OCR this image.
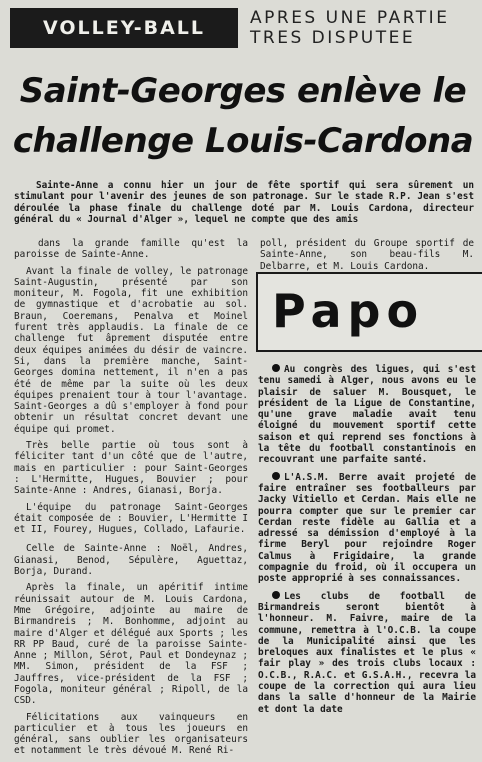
VOLLEY-BALL	APRES UNE PARTIE
TRES DISPUTEE
Saint-Georges enlève le
challenge Louis-Cardona

Sainte-Anne a connu hier un jour de fête sportif qui sera sûrement un stimulant pour l'avenir des jeunes de son patronage. Sur le stade R.P. Jean s'est déroulée la phase finale du challenge doté par M. Louis Cardona, directeur général du « Journal d'Alger », lequel ne compte que des amis

dans la grande famille qu'est la paroisse de Sainte-Anne.

Avant la finale de volley, le patronage Saint-Augustin, présenté par son moniteur, M. Fogola, fit une exhibition de gymnastique et d'acrobatie au sol. Braun, Coeremans, Penalva et Moinel furent très applaudis. La finale de ce challenge fut âprement disputée entre deux équipes animées du désir de vaincre. Si, dans la première manche, Saint-Georges domina nettement, il n'en a pas été de même par la suite où les deux équipes prenaient tour à tour l'avantage. Saint-Georges a dû s'employer à fond pour obtenir un résultat concret devant une équipe qui promet.

Très belle partie où tous sont à féliciter tant d'un côté que de l'autre, mais en particulier : pour Saint-Georges : L'Hermitte, Hugues, Bouvier ; pour Sainte-Anne : Andres, Gianasi, Borja.

L'équipe du patronage Saint-Georges était composée de : Bouvier, L'Hermitte I et II, Fourey, Hugues, Collado, Lafaurie.

Celle de Sainte-Anne : Noël, Andres, Gianasi, Benod, Sépulère, Aguettaz, Borja, Durand.

Après la finale, un apéritif intime réunissait autour de M. Louis Cardona, Mme Grégoire, adjointe au maire de Birmandreis ; M. Bonhomme, adjoint au maire d'Alger et délégué aux Sports ; les RR PP Baud, curé de la paroisse Sainte-Anne ; Millon, Sérot, Paul et Dondeynaz ; MM. Simon, président de la FSF ; Jauffres, vice-président de la FSF ; Fogola, moniteur général ; Ripoll, de la CSD.

Félicitations aux vainqueurs en particulier et à tous les joueurs en général, sans oublier les organisateurs et notamment le très dévoué M. René Ri-

poll, président du Groupe sportif de Sainte-Anne, son beau-fils M. Delbarre, et M. Louis Cardona.

Papo

Au congrès des ligues, qui s'est tenu samedi à Alger, nous avons eu le plaisir de saluer M. Bousquet, le président de la Ligue de Constantine, qu'une grave maladie avait tenu éloigné du mouvement sportif cette saison et qui reprend ses fonctions à la tête du football constantinois en recouvrant une parfaite santé.

L'A.S.M. Berre avait projeté de faire entraîner ses footballeurs par Jacky Vitiello et Cerdan. Mais elle ne pourra compter que sur le premier car Cerdan reste fidèle au Gallia et a adressé sa démission d'employé à la firme Beryl pour rejoindre Roger Calmus à Frigidaire, la grande compagnie du froid, où il occupera un poste approprié à ses connaissances.

Les clubs de football de Birmandreis seront bientôt à l'honneur. M. Faivre, maire de la commune, remettra à l'O.C.B. la coupe de la Municipalité ainsi que les breloques aux finalistes et le plus « fair play » des trois clubs locaux : O.C.B., R.A.C. et G.S.A.H., recevra la coupe de la correction qui aura lieu dans la salle d'honneur de la Mairie et dont la date
